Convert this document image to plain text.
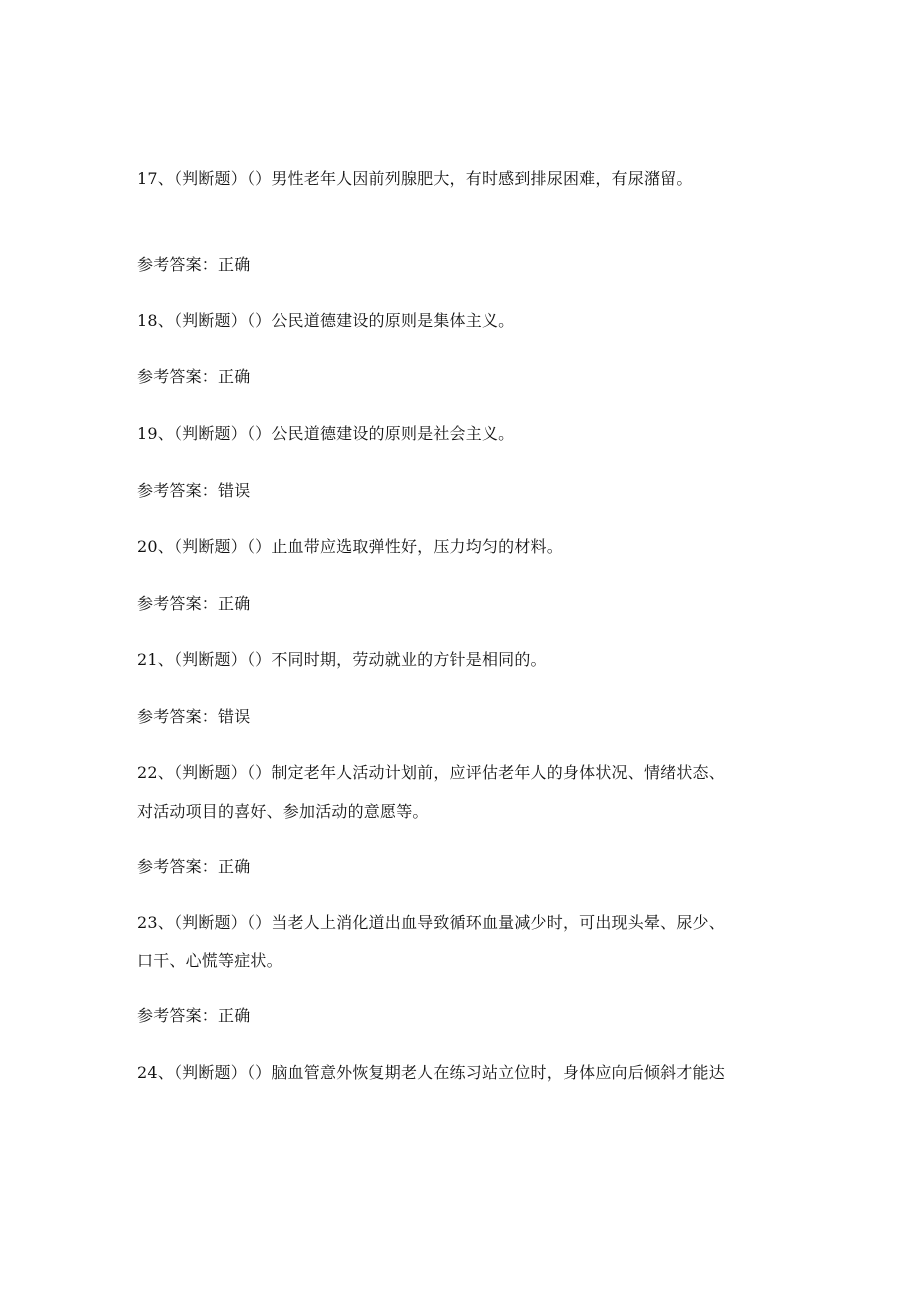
17、（判断题）（）男性老年人因前列腺肥大，有时感到排尿困难，有尿潴留。
参考答案：正确
18、（判断题）（）公民道德建设的原则是集体主义。
参考答案：正确
19、（判断题）（）公民道德建设的原则是社会主义。
参考答案：错误
20、（判断题）（）止血带应选取弹性好，压力均匀的材料。
参考答案：正确
21、（判断题）（）不同时期，劳动就业的方针是相同的。
参考答案：错误
22、（判断题）（）制定老年人活动计划前，应评估老年人的身体状况、情绪状态、
对活动项目的喜好、参加活动的意愿等。
参考答案：正确
23、（判断题）（）当老人上消化道出血导致循环血量减少时，可出现头晕、尿少、
口干、心慌等症状。
参考答案：正确
24、（判断题）（）脑血管意外恢复期老人在练习站立位时，身体应向后倾斜才能达
